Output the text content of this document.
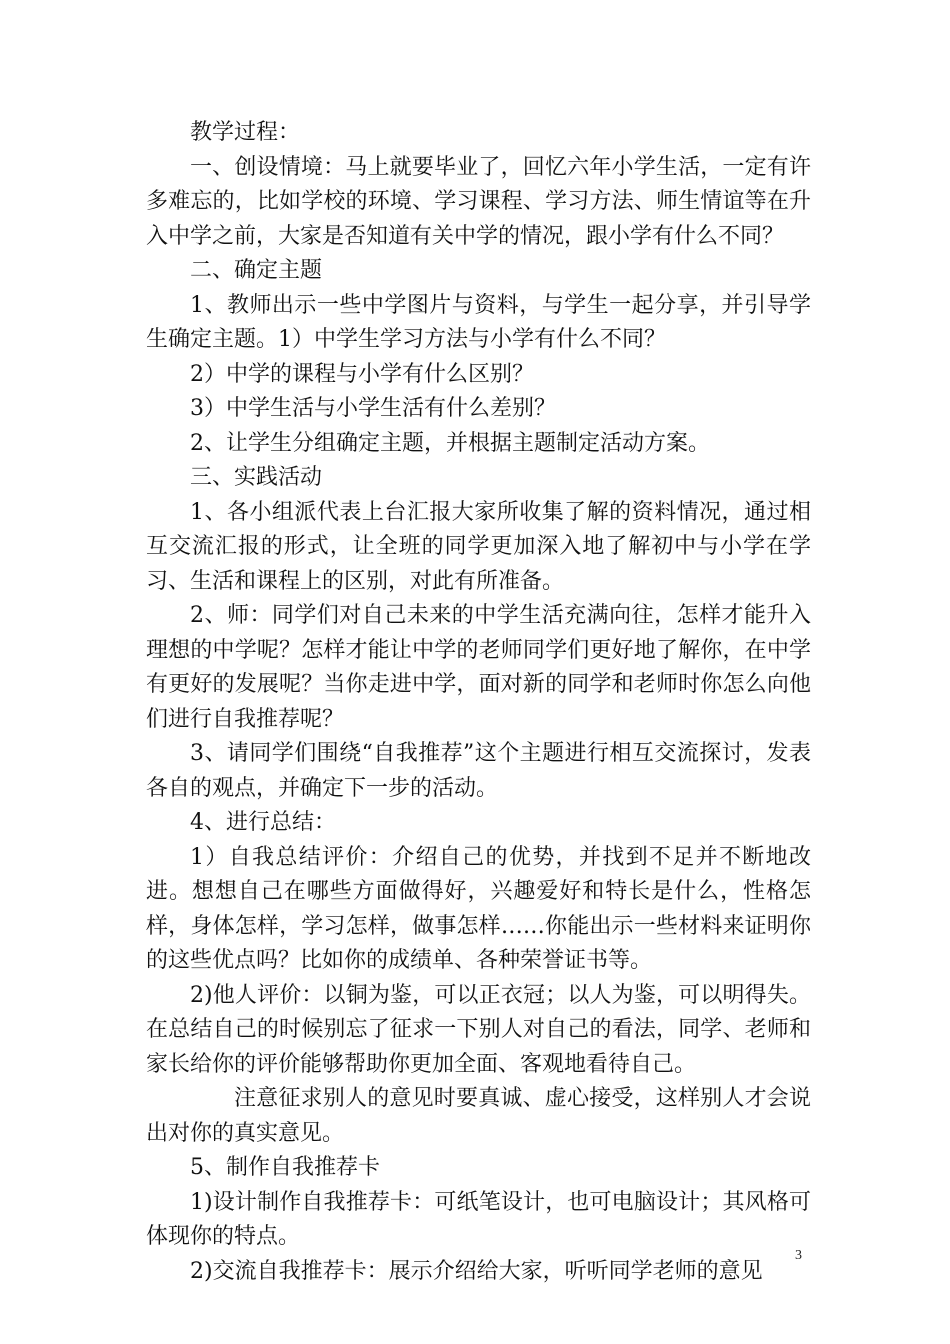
教学过程：

一、创设情境：马上就要毕业了，回忆六年小学生活，一定有许多难忘的，比如学校的环境、学习课程、学习方法、师生情谊等在升入中学之前，大家是否知道有关中学的情况，跟小学有什么不同？

二、确定主题

1、教师出示一些中学图片与资料，与学生一起分享，并引导学生确定主题。1）中学生学习方法与小学有什么不同？

2）中学的课程与小学有什么区别？

3）中学生活与小学生活有什么差别？

2、让学生分组确定主题，并根据主题制定活动方案。

三、实践活动

1、各小组派代表上台汇报大家所收集了解的资料情况，通过相互交流汇报的形式，让全班的同学更加深入地了解初中与小学在学习、生活和课程上的区别，对此有所准备。

2、师：同学们对自己未来的中学生活充满向往，怎样才能升入理想的中学呢？怎样才能让中学的老师同学们更好地了解你，在中学有更好的发展呢？当你走进中学，面对新的同学和老师时你怎么向他们进行自我推荐呢？

3、请同学们围绕“自我推荐”这个主题进行相互交流探讨，发表各自的观点，并确定下一步的活动。

4、进行总结：

1）自我总结评价：介绍自己的优势，并找到不足并不断地改进。想想自己在哪些方面做得好，兴趣爱好和特长是什么，性格怎样，身体怎样，学习怎样，做事怎样……你能出示一些材料来证明你的这些优点吗？比如你的成绩单、各种荣誉证书等。

2)他人评价：以铜为鉴，可以正衣冠；以人为鉴，可以明得失。在总结自己的时候别忘了征求一下别人对自己的看法，同学、老师和家长给你的评价能够帮助你更加全面、客观地看待自己。

注意征求别人的意见时要真诚、虚心接受，这样别人才会说出对你的真实意见。

5、制作自我推荐卡

1)设计制作自我推荐卡：可纸笔设计，也可电脑设计；其风格可体现你的特点。

2)交流自我推荐卡：展示介绍给大家，听听同学老师的意见

3
